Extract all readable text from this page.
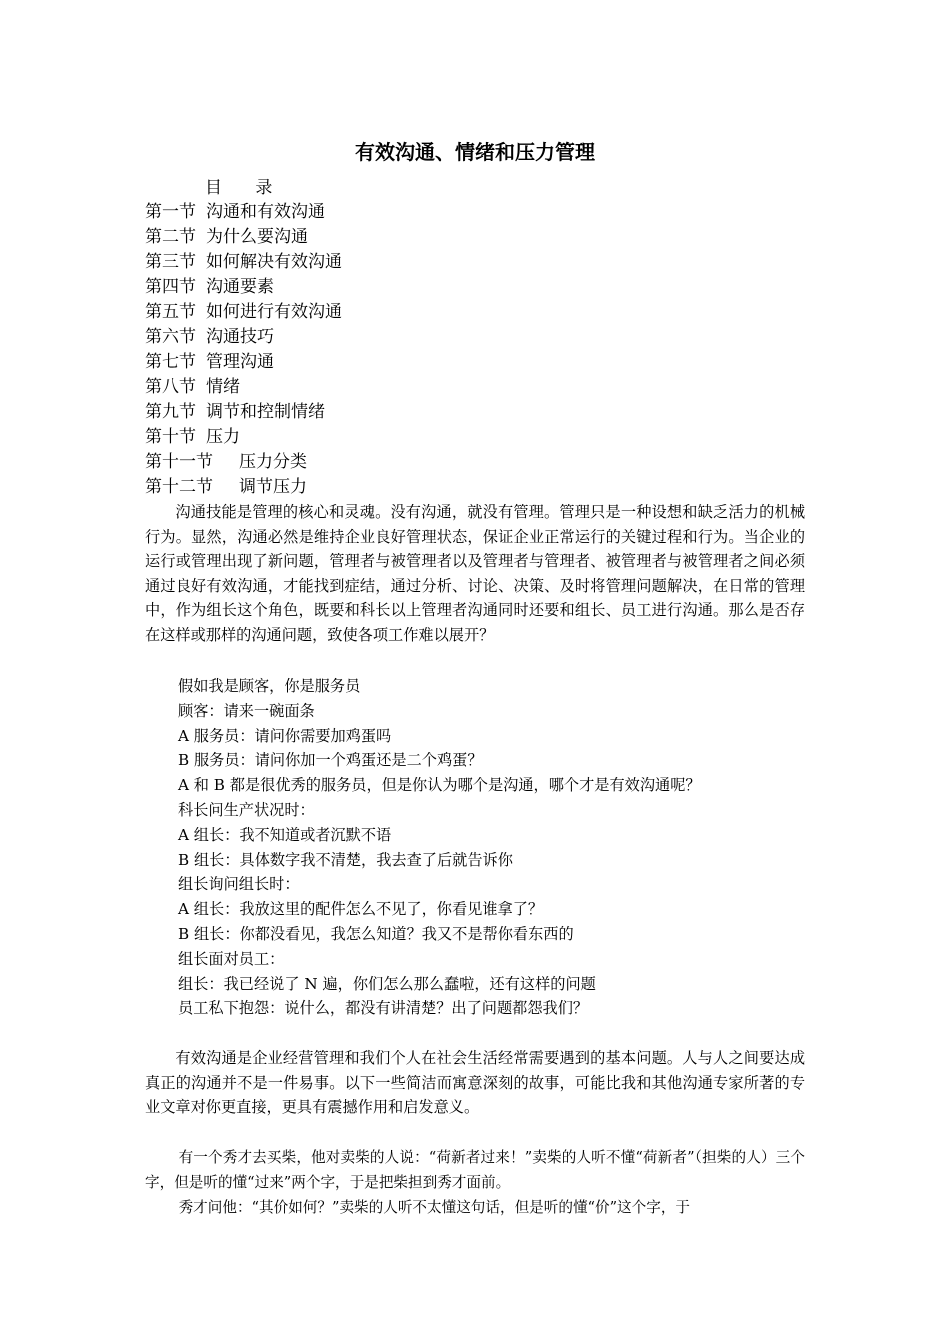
有效沟通、情绪和压力管理
目 录
第一节 沟通和有效沟通
第二节 为什么要沟通
第三节 如何解决有效沟通
第四节 沟通要素
第五节 如何进行有效沟通
第六节 沟通技巧
第七节 管理沟通
第八节 情绪
第九节 调节和控制情绪
第十节 压力
第十一节 压力分类
第十二节 调节压力

沟通技能是管理的核心和灵魂。没有沟通，就没有管理。管理只是一种设想和缺乏活力的机械行为。显然，沟通必然是维持企业良好管理状态，保证企业正常运行的关键过程和行为。当企业的运行或管理出现了新问题，管理者与被管理者以及管理者与管理者、被管理者与被管理者之间必须通过良好有效沟通，才能找到症结，通过分析、讨论、决策、及时将管理问题解决，在日常的管理中，作为组长这个角色，既要和科长以上管理者沟通同时还要和组长、员工进行沟通。那么是否存在这样或那样的沟通问题，致使各项工作难以展开？

假如我是顾客，你是服务员
顾客：请来一碗面条
A 服务员：请问你需要加鸡蛋吗
B 服务员：请问你加一个鸡蛋还是二个鸡蛋？
A 和 B 都是很优秀的服务员，但是你认为哪个是沟通，哪个才是有效沟通呢？
科长问生产状况时：
A 组长：我不知道或者沉默不语
B 组长：具体数字我不清楚，我去查了后就告诉你
组长询问组长时：
A 组长：我放这里的配件怎么不见了，你看见谁拿了？
B 组长：你都没看见，我怎么知道？我又不是帮你看东西的
组长面对员工：
组长：我已经说了 N 遍，你们怎么那么蠢啦，还有这样的问题
员工私下抱怨：说什么，都没有讲清楚？出了问题都怨我们？

有效沟通是企业经营管理和我们个人在社会生活经常需要遇到的基本问题。人与人之间要达成真正的沟通并不是一件易事。以下一些简洁而寓意深刻的故事，可能比我和其他沟通专家所著的专业文章对你更直接，更具有震撼作用和启发意义。

有一个秀才去买柴，他对卖柴的人说：“荷新者过来！”卖柴的人听不懂“荷新者”（担柴的人）三个字，但是听的懂“过来”两个字，于是把柴担到秀才面前。

秀才问他：“其价如何？”卖柴的人听不太懂这句话，但是听的懂“价”这个字，于
